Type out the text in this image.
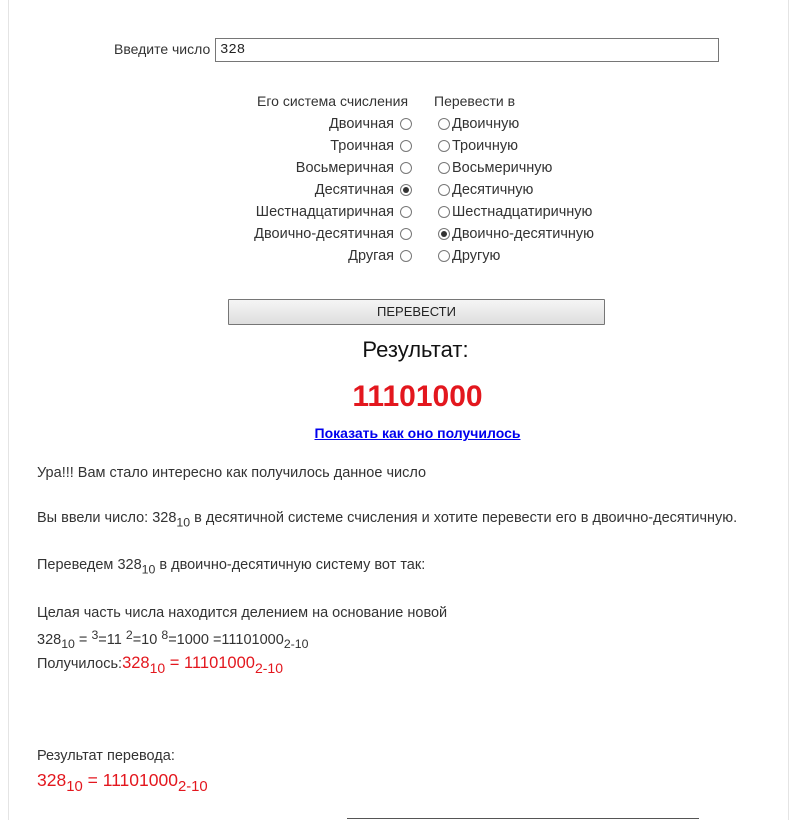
Введите число
328
Его система счисления Перевести в
Двоичная
Троичная
Восьмеричная
Десятичная
Шестнадцатиричная
Двоично-десятичная
Другая
Двоичную
Троичную
Восьмеричную
Десятичную
Шестнадцатиричную
Двоично-десятичную
Другую
ПЕРЕВЕСТИ
Результат:
11101000
Показать как оно получилось
Ура!!! Вам стало интересно как получилось данное число
Вы ввели число: $328_{10}$ в десятичной системе счисления и хотите перевести его в двоично-десятичную.
Переведем $328_{10}$ в двоично-десятичную систему вот так:
Целая часть числа находится делением на основание новой
$328_{10} = ^3=11$ $^2$=10 $^8=1000 =11101000_{2-10}$
$Получилось:328_{10} = 11101000_{2-10}$
Результат перевода:
$328_{10} = 11101000_{2-10}$
